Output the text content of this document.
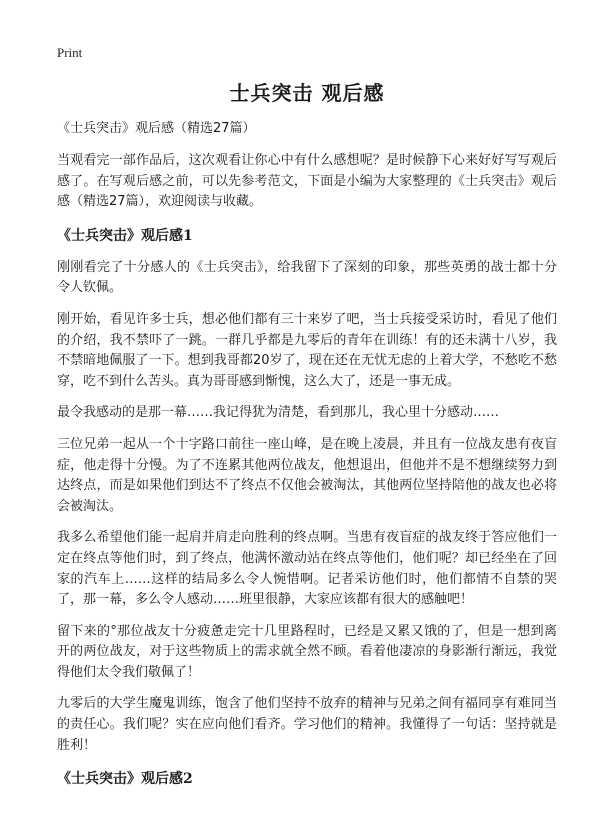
Print
士兵突击 观后感
《士兵突击》观后感（精选27篇）

当观看完一部作品后，这次观看让你心中有什么感想呢？是时候静下心来好好写写观后感了。在写观后感之前，可以先参考范文，下面是小编为大家整理的《士兵突击》观后感（精选27篇），欢迎阅读与收藏。

《士兵突击》观后感1

刚刚看完了十分感人的《士兵突击》，给我留下了深刻的印象，那些英勇的战士都十分令人钦佩。

刚开始，看见许多士兵，想必他们都有三十来岁了吧，当士兵接受采访时，看见了他们的介绍，我不禁吓了一跳。一群几乎都是九零后的青年在训练！有的还未满十八岁，我不禁暗地佩服了一下。想到我哥都20岁了，现在还在无忧无虑的上着大学，不愁吃不愁穿，吃不到什么苦头。真为哥哥感到惭愧，这么大了，还是一事无成。

最令我感动的是那一幕……我记得犹为清楚，看到那儿，我心里十分感动……

三位兄弟一起从一个十字路口前往一座山峰，是在晚上凌晨，并且有一位战友患有夜盲症，他走得十分慢。为了不连累其他两位战友，他想退出，但他并不是不想继续努力到达终点，而是如果他们到达不了终点不仅他会被淘汰，其他两位坚持陪他的战友也必将会被淘汰。

我多么希望他们能一起肩并肩走向胜利的终点啊。当患有夜盲症的战友终于答应他们一定在终点等他们时，到了终点，他满怀激动站在终点等他们，他们呢？却已经坐在了回家的汽车上……这样的结局多么令人惋惜啊。记者采访他们时，他们都情不自禁的哭了，那一幕，多么令人感动……班里很静，大家应该都有很大的感触吧！

留下来的°那位战友十分疲惫走完十几里路程时，已经是又累又饿的了，但是一想到离开的两位战友，对于这些物质上的需求就全然不顾。看着他凄凉的身影渐行渐远，我觉得他们太令我们敬佩了！

九零后的大学生魔鬼训练，饱含了他们坚持不放弃的精神与兄弟之间有福同享有难同当的责任心。我们呢？实在应向他们看齐。学习他们的精神。我懂得了一句话：坚持就是胜利！

《士兵突击》观后感2
